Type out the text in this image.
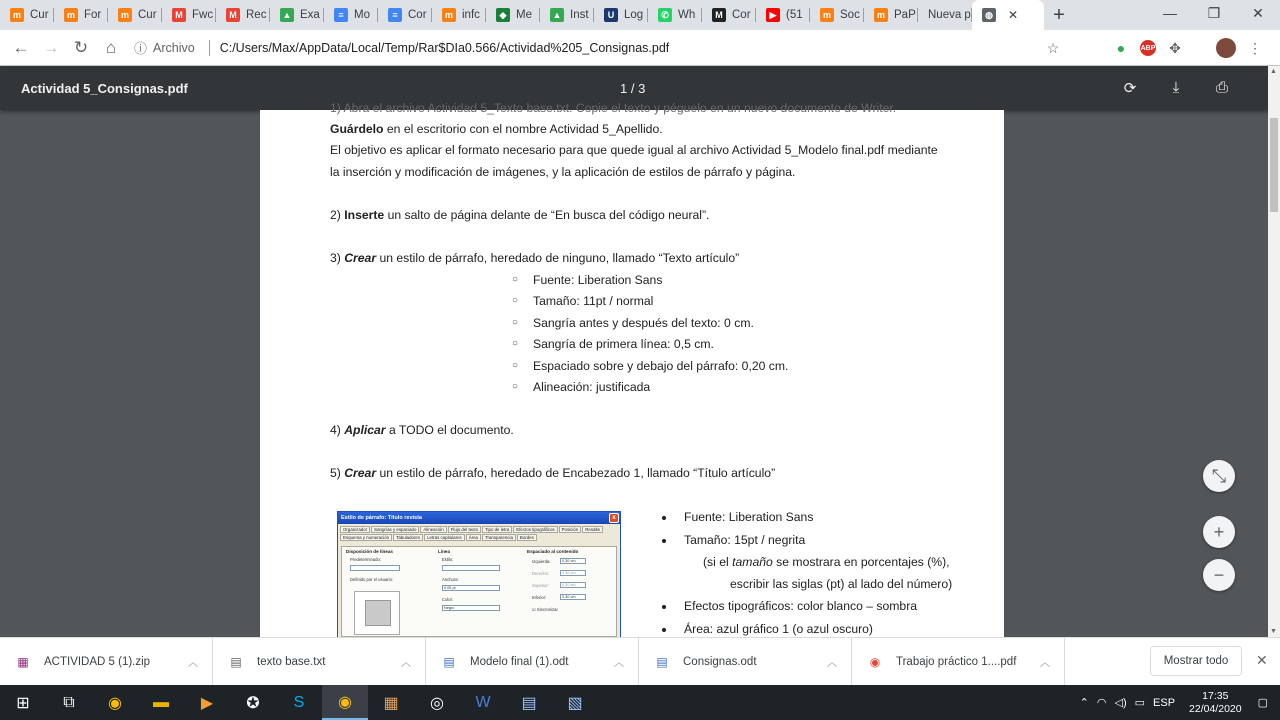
m Cur	m For	m Cur	M Fwc	M Rec ▲ Exa	≡ Mo	≡ Cor	m infc	◆ Me ▲ Inst	U Log	✆ Wh	M Cor	▶ (51	m Soc	m PaP Nueva p	◍ ✕	+	—	❐	✕
← → ↻	⌂	ⓘ Archivo C:/Users/Max/AppData/Local/Temp/Rar$DIa0.566/Actividad%205_Consignas.pdf	☆	●	ABP ✥	⋮
Actividad 5_Consignas.pdf	1 / 3	⟳	⤓	⎙
1) Abra el archivo Actividad 5_Texto base.txt. Copie el texto y péguelo en un nuevo documento de Writer.
Guárdelo en el escritorio con el nombre Actividad 5_Apellido.
El objetivo es aplicar el formato necesario para que quede igual al archivo Actividad 5_Modelo final.pdf mediante
la inserción y modificación de imágenes, y la aplicación de estilos de párrafo y página.
2) Inserte un salto de página delante de “En busca del código neural”.
3) Crear un estilo de párrafo, heredado de ninguno, llamado “Texto artículo”
○ Fuente: Liberation Sans
○ Tamaño: 11pt / normal
○ Sangría antes y después del texto: 0 cm.
○ Sangría de primera línea: 0,5 cm.
○ Espaciado sobre y debajo del párrafo: 0,20 cm.
○ Alineación: justificada
4) Aplicar a TODO el documento.
5) Crear un estilo de párrafo, heredado de Encabezado 1, llamado “Título artículo”
Estilo de párrafo: Título revista	x
Organizador	Sangrías y espaciado	Alineación	Flujo del texto	Tipo de letra	Efectos tipográficos	Posición	Resalte
Esquema y numeración	Tabuladores	Letras capitulares	Área	Transparencia	Bordes
Disposición de líneas
Predeterminado:
Definido por el usuario:
Línea
Estilo:
Anchura:
0,05 pt
Color:
Negro
Espaciado al contenido
Izquierda:	0,30 cm
Derecha:	0,30 cm
Superior:	0,30 cm
Inferior:	0,30 cm
☑ Sincronizar
Fuente: Liberation Sans
Tamaño: 15pt / negrita
(si el tamaño se mostrara en porcentajes (%),
escribir las siglas (pt) al lado del número)
Efectos tipográficos: color blanco – sombra
Área: azul gráfico 1 (o azul oscuro)
⤡
+
−
▲
▼
▦ ACTIVIDAD 5 (1).zip	︿	▤ texto base.txt	︿	▤ Modelo final (1).odt	︿	▤ Consignas.odt	︿	◉ Trabajo práctico 1....pdf ︿	Mostrar todo	✕
⊞	⧉	◉	▬	▶	✪	S	◉	▦	◎	W	▤	▧	⌃ ◠ ◁) ▭ ESP
17:35
22/04/2020 ▢
